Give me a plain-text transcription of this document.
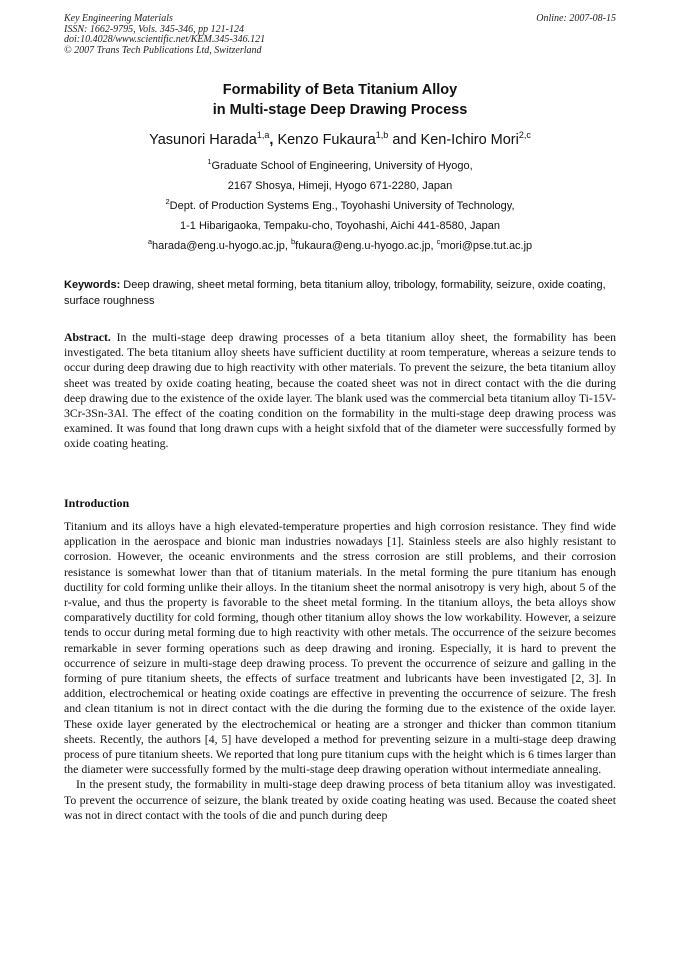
Key Engineering Materials
ISSN: 1662-9795, Vols. 345-346, pp 121-124
doi:10.4028/www.scientific.net/KEM.345-346.121
© 2007 Trans Tech Publications Ltd, Switzerland
Online: 2007-08-15
Formability of Beta Titanium Alloy
in Multi-stage Deep Drawing Process
Yasunori Harada$^{1,a}$, Kenzo Fukaura$^{1,b}$ and Ken-Ichiro Mori$^{2,c}$
$^1$Graduate School of Engineering, University of Hyogo,
2167 Shosya, Himeji, Hyogo 671-2280, Japan
$^2$Dept. of Production Systems Eng., Toyohashi University of Technology,
1-1 Hibarigaoka, Tempaku-cho, Toyohashi, Aichi 441-8580, Japan
$^a$harada@eng.u-hyogo.ac.jp, $^b$fukaura@eng.u-hyogo.ac.jp, $^c$mori@pse.tut.ac.jp
Keywords: Deep drawing, sheet metal forming, beta titanium alloy, tribology, formability, seizure, oxide coating, surface roughness
Abstract. In the multi-stage deep drawing processes of a beta titanium alloy sheet, the formability has been investigated. The beta titanium alloy sheets have sufficient ductility at room temperature, whereas a seizure tends to occur during deep drawing due to high reactivity with other materials. To prevent the seizure, the beta titanium alloy sheet was treated by oxide coating heating, because the coated sheet was not in direct contact with the die during deep drawing due to the existence of the oxide layer. The blank used was the commercial beta titanium alloy Ti-15V-3Cr-3Sn-3Al. The effect of the coating condition on the formability in the multi-stage deep drawing process was examined. It was found that long drawn cups with a height sixfold that of the diameter were successfully formed by oxide coating heating.
Introduction

Titanium and its alloys have a high elevated-temperature properties and high corrosion resistance. They find wide application in the aerospace and bionic man industries nowadays [1]. Stainless steels are also highly resistant to corrosion. However, the oceanic environments and the stress corrosion are still problems, and their corrosion resistance is somewhat lower than that of titanium materials. In the metal forming the pure titanium has enough ductility for cold forming unlike their alloys. In the titanium sheet the normal anisotropy is very high, about 5 of the r-value, and thus the property is favorable to the sheet metal forming. In the titanium alloys, the beta alloys show comparatively ductility for cold forming, though other titanium alloy shows the low workability. However, a seizure tends to occur during metal forming due to high reactivity with other metals. The occurrence of the seizure becomes remarkable in sever forming operations such as deep drawing and ironing. Especially, it is hard to prevent the occurrence of seizure in multi-stage deep drawing process. To prevent the occurrence of seizure and galling in the forming of pure titanium sheets, the effects of surface treatment and lubricants have been investigated [2, 3]. In addition, electrochemical or heating oxide coatings are effective in preventing the occurrence of seizure. The fresh and clean titanium is not in direct contact with the die during the forming due to the existence of the oxide layer. These oxide layer generated by the electrochemical or heating are a stronger and thicker than common titanium sheets. Recently, the authors [4, 5] have developed a method for preventing seizure in a multi-stage deep drawing process of pure titanium sheets. We reported that long pure titanium cups with the height which is 6 times larger than the diameter were successfully formed by the multi-stage deep drawing operation without intermediate annealing.

In the present study, the formability in multi-stage deep drawing process of beta titanium alloy was investigated. To prevent the occurrence of seizure, the blank treated by oxide coating heating was used. Because the coated sheet was not in direct contact with the tools of die and punch during deep
